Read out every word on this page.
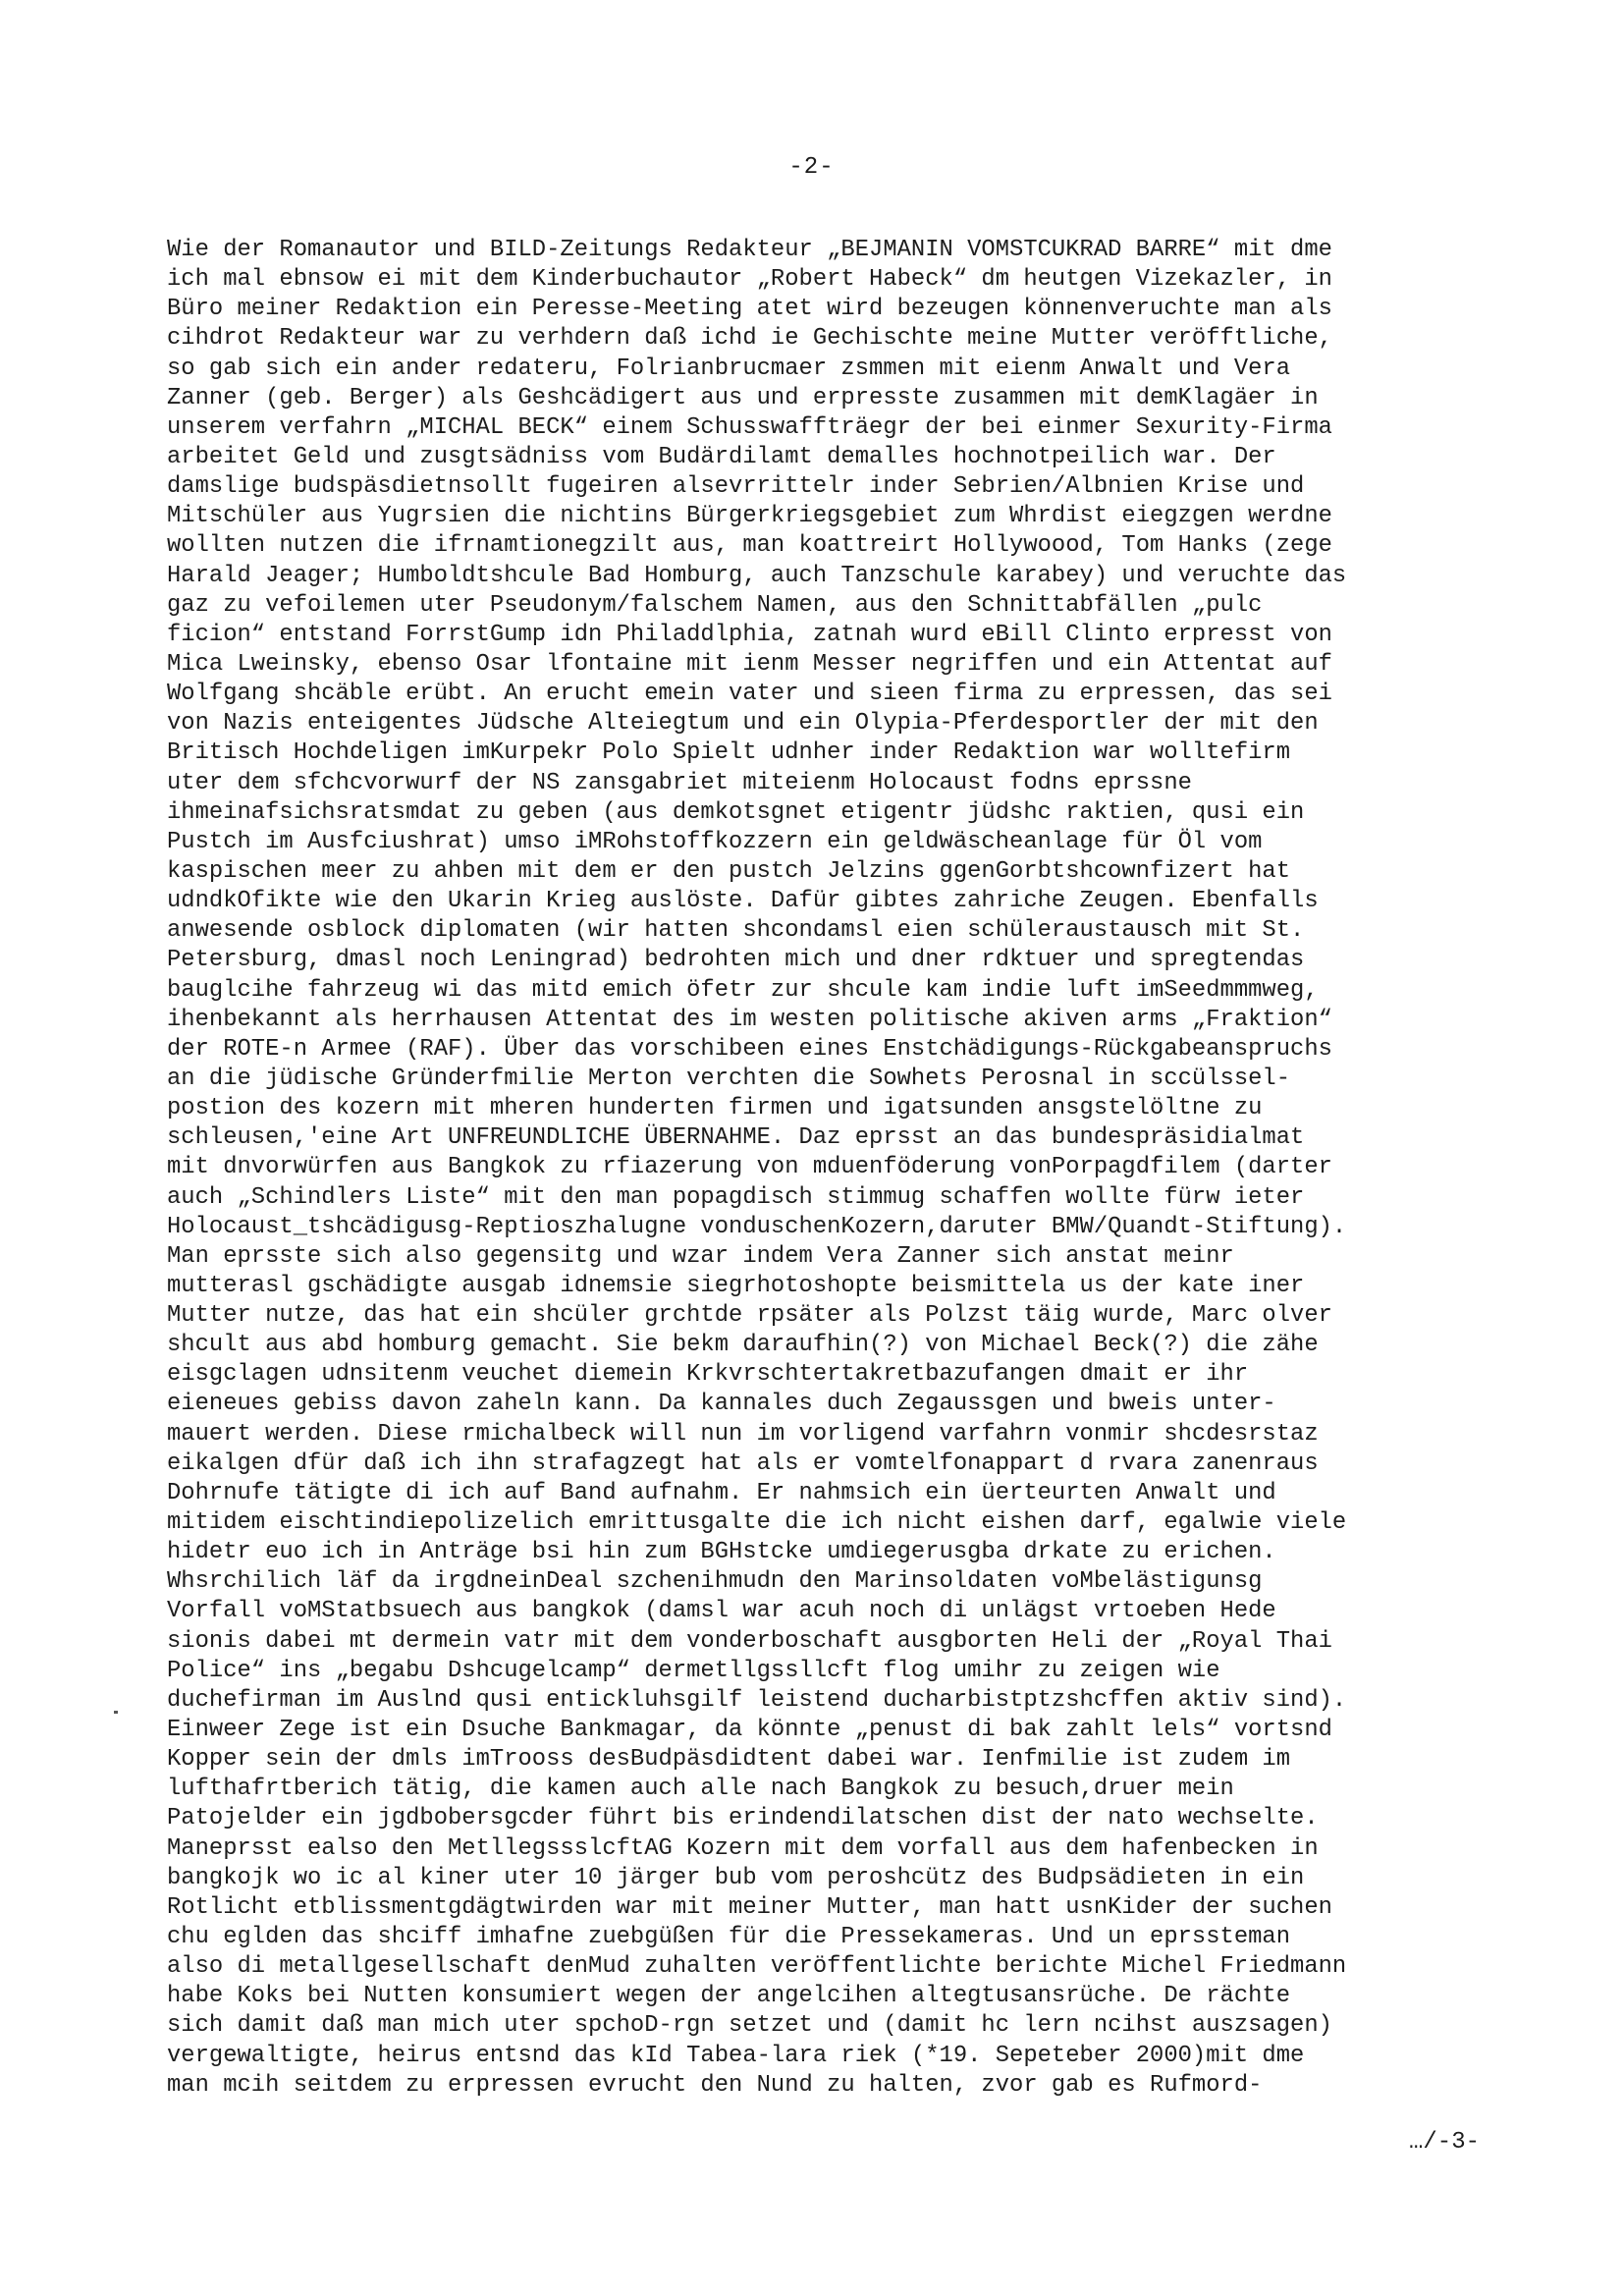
-2-
Wie der Romanautor und BILD-Zeitungs Redakteur „BEJMANIN VOMSTCUKRAD BARRE“ mit dme
ich mal ebnsow ei mit dem Kinderbuchautor „Robert Habeck“ dm heutgen Vizekazler, in
Büro meiner Redaktion ein Peresse-Meeting atet wird bezeugen könnenveruchte man als
cihdrot Redakteur war zu verhdern daß ichd ie Gechischte meine Mutter veröfftliche,
so gab sich ein ander redateru, Folrianbrucmaer zsmmen mit eienm Anwalt und Vera
Zanner (geb. Berger) als Geshcädigert aus und erpresste zusammen mit demKlagäer in
unserem verfahrn „MICHAL BECK“ einem Schusswaffträegr der bei einmer Sexurity-Firma
arbeitet Geld und zusgtsädniss vom Budärdilamt demalles hochnotpeilich war. Der
damslige budspäsdietnsollt fugeiren alsevrrittelr inder Sebrien/Albnien Krise und
Mitschüler aus Yugrsien die nichtins Bürgerkriegsgebiet zum Whrdist eiegzgen werdne
wollten nutzen die ifrnamtionegzilt aus, man koattreirt Hollywoood, Tom Hanks (zege
Harald Jeager; Humboldtshcule Bad Homburg, auch Tanzschule karabey) und veruchte das
gaz zu vefoilemen uter Pseudonym/falschem Namen, aus den Schnittabfällen „pulc
ficion“ entstand ForrstGump idn Philaddlphia, zatnah wurd eBill Clinto erpresst von
Mica Lweinsky, ebenso Osar lfontaine mit ienm Messer negriffen und ein Attentat auf
Wolfgang shcäble erübt. An erucht emein vater und sieen firma zu erpressen, das sei
von Nazis enteigentes Jüdsche Alteiegtum und ein Olypia-Pferdesportler der mit den
Britisch Hochdeligen imKurpekr Polo Spielt udnher inder Redaktion war wolltefirm
uter dem sfchcvorwurf der NS zansgabriet miteienm Holocaust fodns eprssne
ihmeinafsichsratsmdat zu geben (aus demkotsgnet etigentr jüdshc raktien, qusi ein
Pustch im Ausfciushrat) umso iMRohstoffkozzern ein geldwäscheanlage für Öl vom
kaspischen meer zu ahben mit dem er den pustch Jelzins ggenGorbtshcownfizert hat
udndkOfikte wie den Ukarin Krieg auslöste. Dafür gibtes zahriche Zeugen. Ebenfalls
anwesende osblock diplomaten (wir hatten shcondamsl eien schüleraustausch mit St.
Petersburg, dmasl noch Leningrad) bedrohten mich und dner rdktuer und spregtendas
bauglcihe fahrzeug wi das mitd emich öfetr zur shcule kam indie luft imSeedmmmweg,
ihenbekannt als herrhausen Attentat des im westen politische akiven arms „Fraktion“
der ROTE-n Armee (RAF). Über das vorschibeen eines Enstchädigungs-Rückgabeanspruchs
an die jüdische Gründerfmilie Merton verchten die Sowhets Perosnal in sccülssel-
postion des kozern mit mheren hunderten firmen und igatsunden ansgstelöltne zu
schleusen,'eine Art UNFREUNDLICHE ÜBERNAHME. Daz eprsst an das bundespräsidialmat
mit dnvorwürfen aus Bangkok zu rfiazerung von mduenföderung vonPorpagdfilem (darter
auch „Schindlers Liste“ mit den man popagdisch stimmug schaffen wollte fürw ieter
Holocaust_tshcädigusg-Reptioszhalugne vonduschenKozern,daruter BMW/Quandt-Stiftung).
Man eprsste sich also gegensitg und wzar indem Vera Zanner sich anstat meinr
mutterasl gschädigte ausgab idnemsie siegrhotoshopte beismittela us der kate iner
Mutter nutze, das hat ein shcüler grchtde rpsäter als Polzst täig wurde, Marc olver
shcult aus abd homburg gemacht. Sie bekm daraufhin(?) von Michael Beck(?) die zähe
eisgclagen udnsitenm veuchet diemein Krkvrschtertakretbazufangen dmait er ihr
eieneues gebiss davon zaheln kann. Da kannales duch Zegaussgen und bweis unter-
mauert werden. Diese rmichalbeck will nun im vorligend varfahrn vonmir shcdesrstaz
eikalgen dfür daß ich ihn strafagzegt hat als er vomtelfonappart d rvara zanenraus
Dohrnufe tätigte di ich auf Band aufnahm. Er nahmsich ein üerteurten Anwalt und
mitidem eischtindiepolizelich emrittusgalte die ich nicht eishen darf, egalwie viele
hidetr euo ich in Anträge bsi hin zum BGHstcke umdiegerusgba drkate zu erichen.
Whsrchilich läf da irgdneinDeal szchenihmudn den Marinsoldaten voMbelästigunsg
Vorfall voMStatbsuech aus bangkok (damsl war acuh noch di unlägst vrtoeben Hede
sionis dabei mt dermein vatr mit dem vonderboschaft ausgborten Heli der „Royal Thai
Police“ ins „begabu Dshcugelcamp“ dermetllgssllcft flog umihr zu zeigen wie
duchefirman im Auslnd qusi entickluhsgilf leistend ducharbistptzshcffen aktiv sind).
Einweer Zege ist ein Dsuche Bankmagar, da könnte „penust di bak zahlt lels“ vortsnd
Kopper sein der dmls imTrooss desBudpäsdidtent dabei war. Ienfmilie ist zudem im
lufthafrtberich tätig, die kamen auch alle nach Bangkok zu besuch,druer mein
Patojelder ein jgdbobersgcder führt bis erindendilatschen dist der nato wechselte.
Maneprsst ealso den MetllegssslcftAG Kozern mit dem vorfall aus dem hafenbecken in
bangkojk wo ic al kiner uter 10 järger bub vom peroshcütz des Budpsädieten in ein
Rotlicht etblissmentgdägtwirden war mit meiner Mutter, man hatt usnKider der suchen
chu eglden das shciff imhafne zuebgüßen für die Pressekameras. Und un eprssteman
also di metallgesellschaft denMud zuhalten veröffentlichte berichte Michel Friedmann
habe Koks bei Nutten konsumiert wegen der angelcihen altegtusansrüche. De rächte
sich damit daß man mich uter spchoD-rgn setzet und (damit hc lern ncihst auszsagen)
vergewaltigte, heirus entsnd das kId Tabea-lara riek (*19. Sepeteber 2000)mit dme
man mcih seitdem zu erpressen evrucht den Nund zu halten, zvor gab es Rufmord-
…/-3-
